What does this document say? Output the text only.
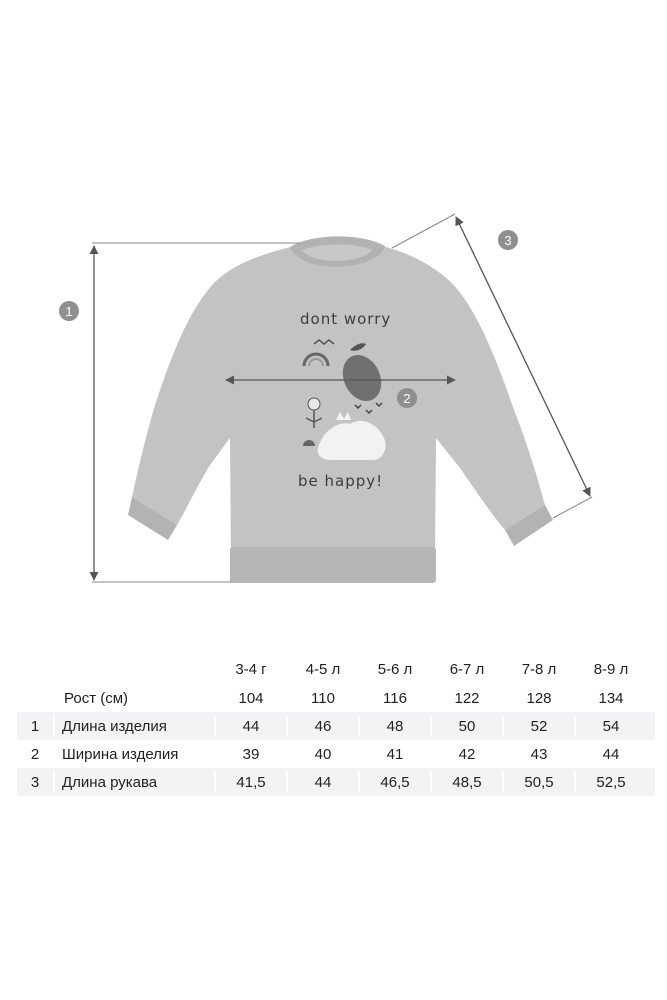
dont worry
be happy!
1
2
3
3-4 г	4-5 л	5-6 л	6-7 л	7-8 л	8-9 л
Рост (см)	104	110	116	122	128	134
1	Длина изделия	44	46	48	50	52	54
2	Ширина изделия	39	40	41	42	43	44
3	Длина рукава	41,5	44	46,5	48,5	50,5	52,5
